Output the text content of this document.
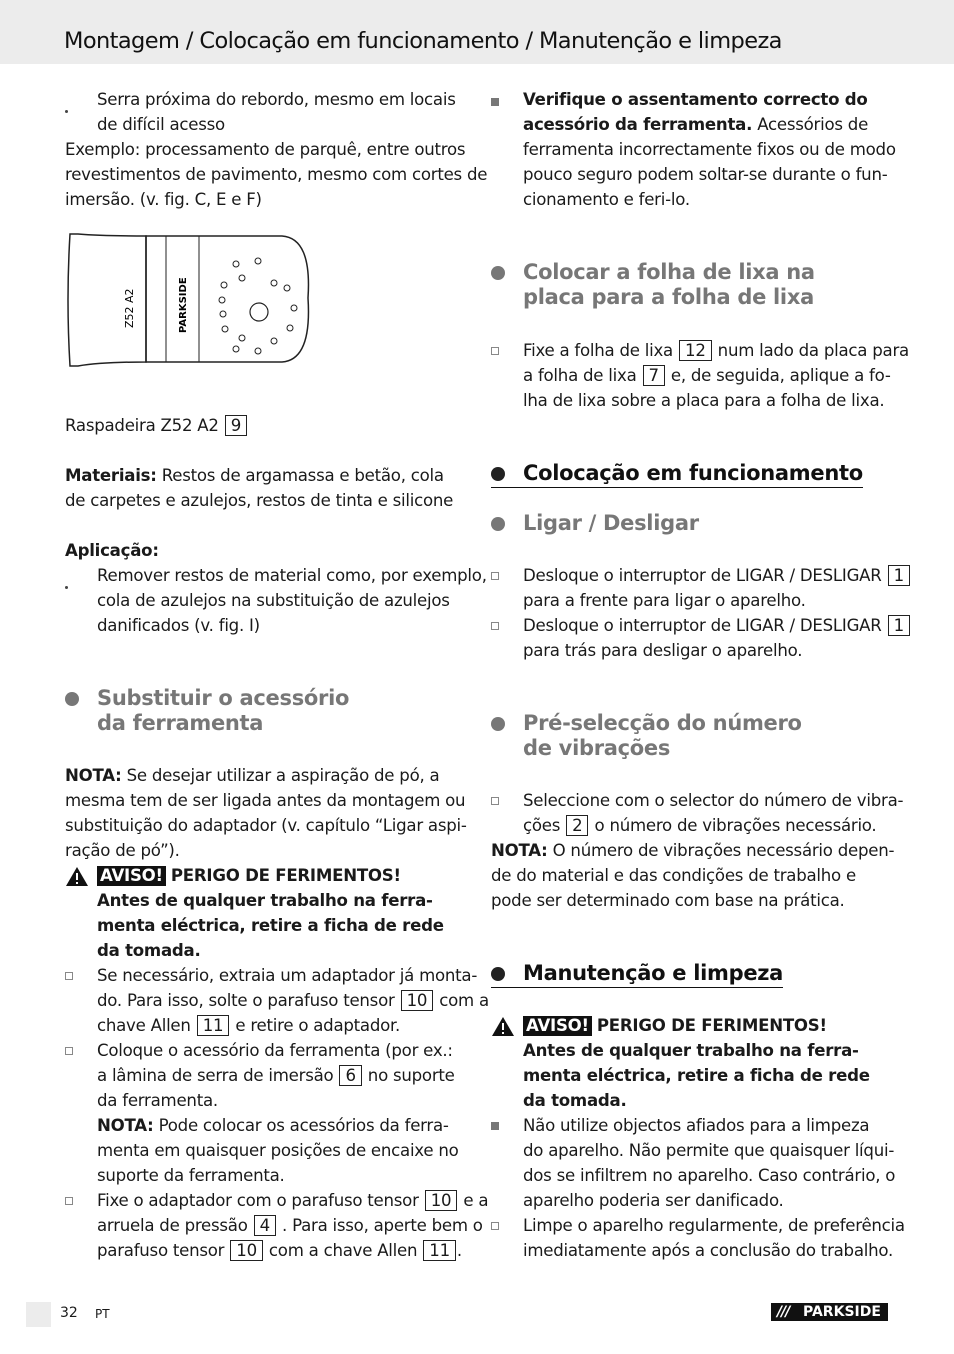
Montagem / Colocação em funcionamento / Manutenção e limpeza
Serra próxima do rebordo, mesmo em locais
de difícil acesso
Exemplo: processamento de parquê, entre outros
revestimentos de pavimento, mesmo com cortes de
imersão. (v. fig. C, E e F)
Z52 A2	PARKSIDE
Raspadeira Z52 A2 9
Materiais: Restos de argamassa e betão, cola
de carpetes e azulejos, restos de tinta e silicone
Aplicação:
Remover restos de material como, por exemplo,
cola de azulejos na substituição de azulejos
danificados (v. fig. I)
Substituir o acessório
da ferramenta
NOTA: Se desejar utilizar a aspiração de pó, a
mesma tem de ser ligada antes da montagem ou
substituição do adaptador (v. capítulo “Ligar aspi-
ração de pó”).
AVISO! PERIGO DE FERIMENTOS!
Antes de qualquer trabalho na ferra-
menta eléctrica, retire a ficha de rede
da tomada.
Se necessário, extraia um adaptador já monta-
do. Para isso, solte o parafuso tensor 10 com a
chave Allen 11 e retire o adaptador.
Coloque o acessório da ferramenta (por ex.:
a lâmina de serra de imersão 6 no suporte
da ferramenta.
NOTA: Pode colocar os acessórios da ferra-
menta em quaisquer posições de encaixe no
suporte da ferramenta.
Fixe o adaptador com o parafuso tensor 10 e a
arruela de pressão 4 . Para isso, aperte bem o
parafuso tensor 10 com a chave Allen 11 .
Verifique o assentamento correcto do
acessório da ferramenta. Acessórios de
ferramenta incorrectamente fixos ou de modo
pouco seguro podem soltar-se durante o fun-
cionamento e feri-lo.
Colocar a folha de lixa na
placa para a folha de lixa
Fixe a folha de lixa 12 num lado da placa para
a folha de lixa 7 e, de seguida, aplique a fo-
lha de lixa sobre a placa para a folha de lixa.
Colocação em funcionamento
Ligar / Desligar
Desloque o interruptor de LIGAR / DESLIGAR 1
para a frente para ligar o aparelho.
Desloque o interruptor de LIGAR / DESLIGAR 1
para trás para desligar o aparelho.
Pré-selecção do número
de vibrações
Seleccione com o selector do número de vibra-
ções 2 o número de vibrações necessário.
NOTA: O número de vibrações necessário depen-
de do material e das condições de trabalho e
pode ser determinado com base na prática.
Manutenção e limpeza
AVISO! PERIGO DE FERIMENTOS!
Antes de qualquer trabalho na ferra-
menta eléctrica, retire a ficha de rede
da tomada.
Não utilize objectos afiados para a limpeza
do aparelho. Não permite que quaisquer líqui-
dos se infiltrem no aparelho. Caso contrário, o
aparelho poderia ser danificado.
Limpe o aparelho regularmente, de preferência
imediatamente após a conclusão do trabalho.
32 PT	/// PARKSIDE
